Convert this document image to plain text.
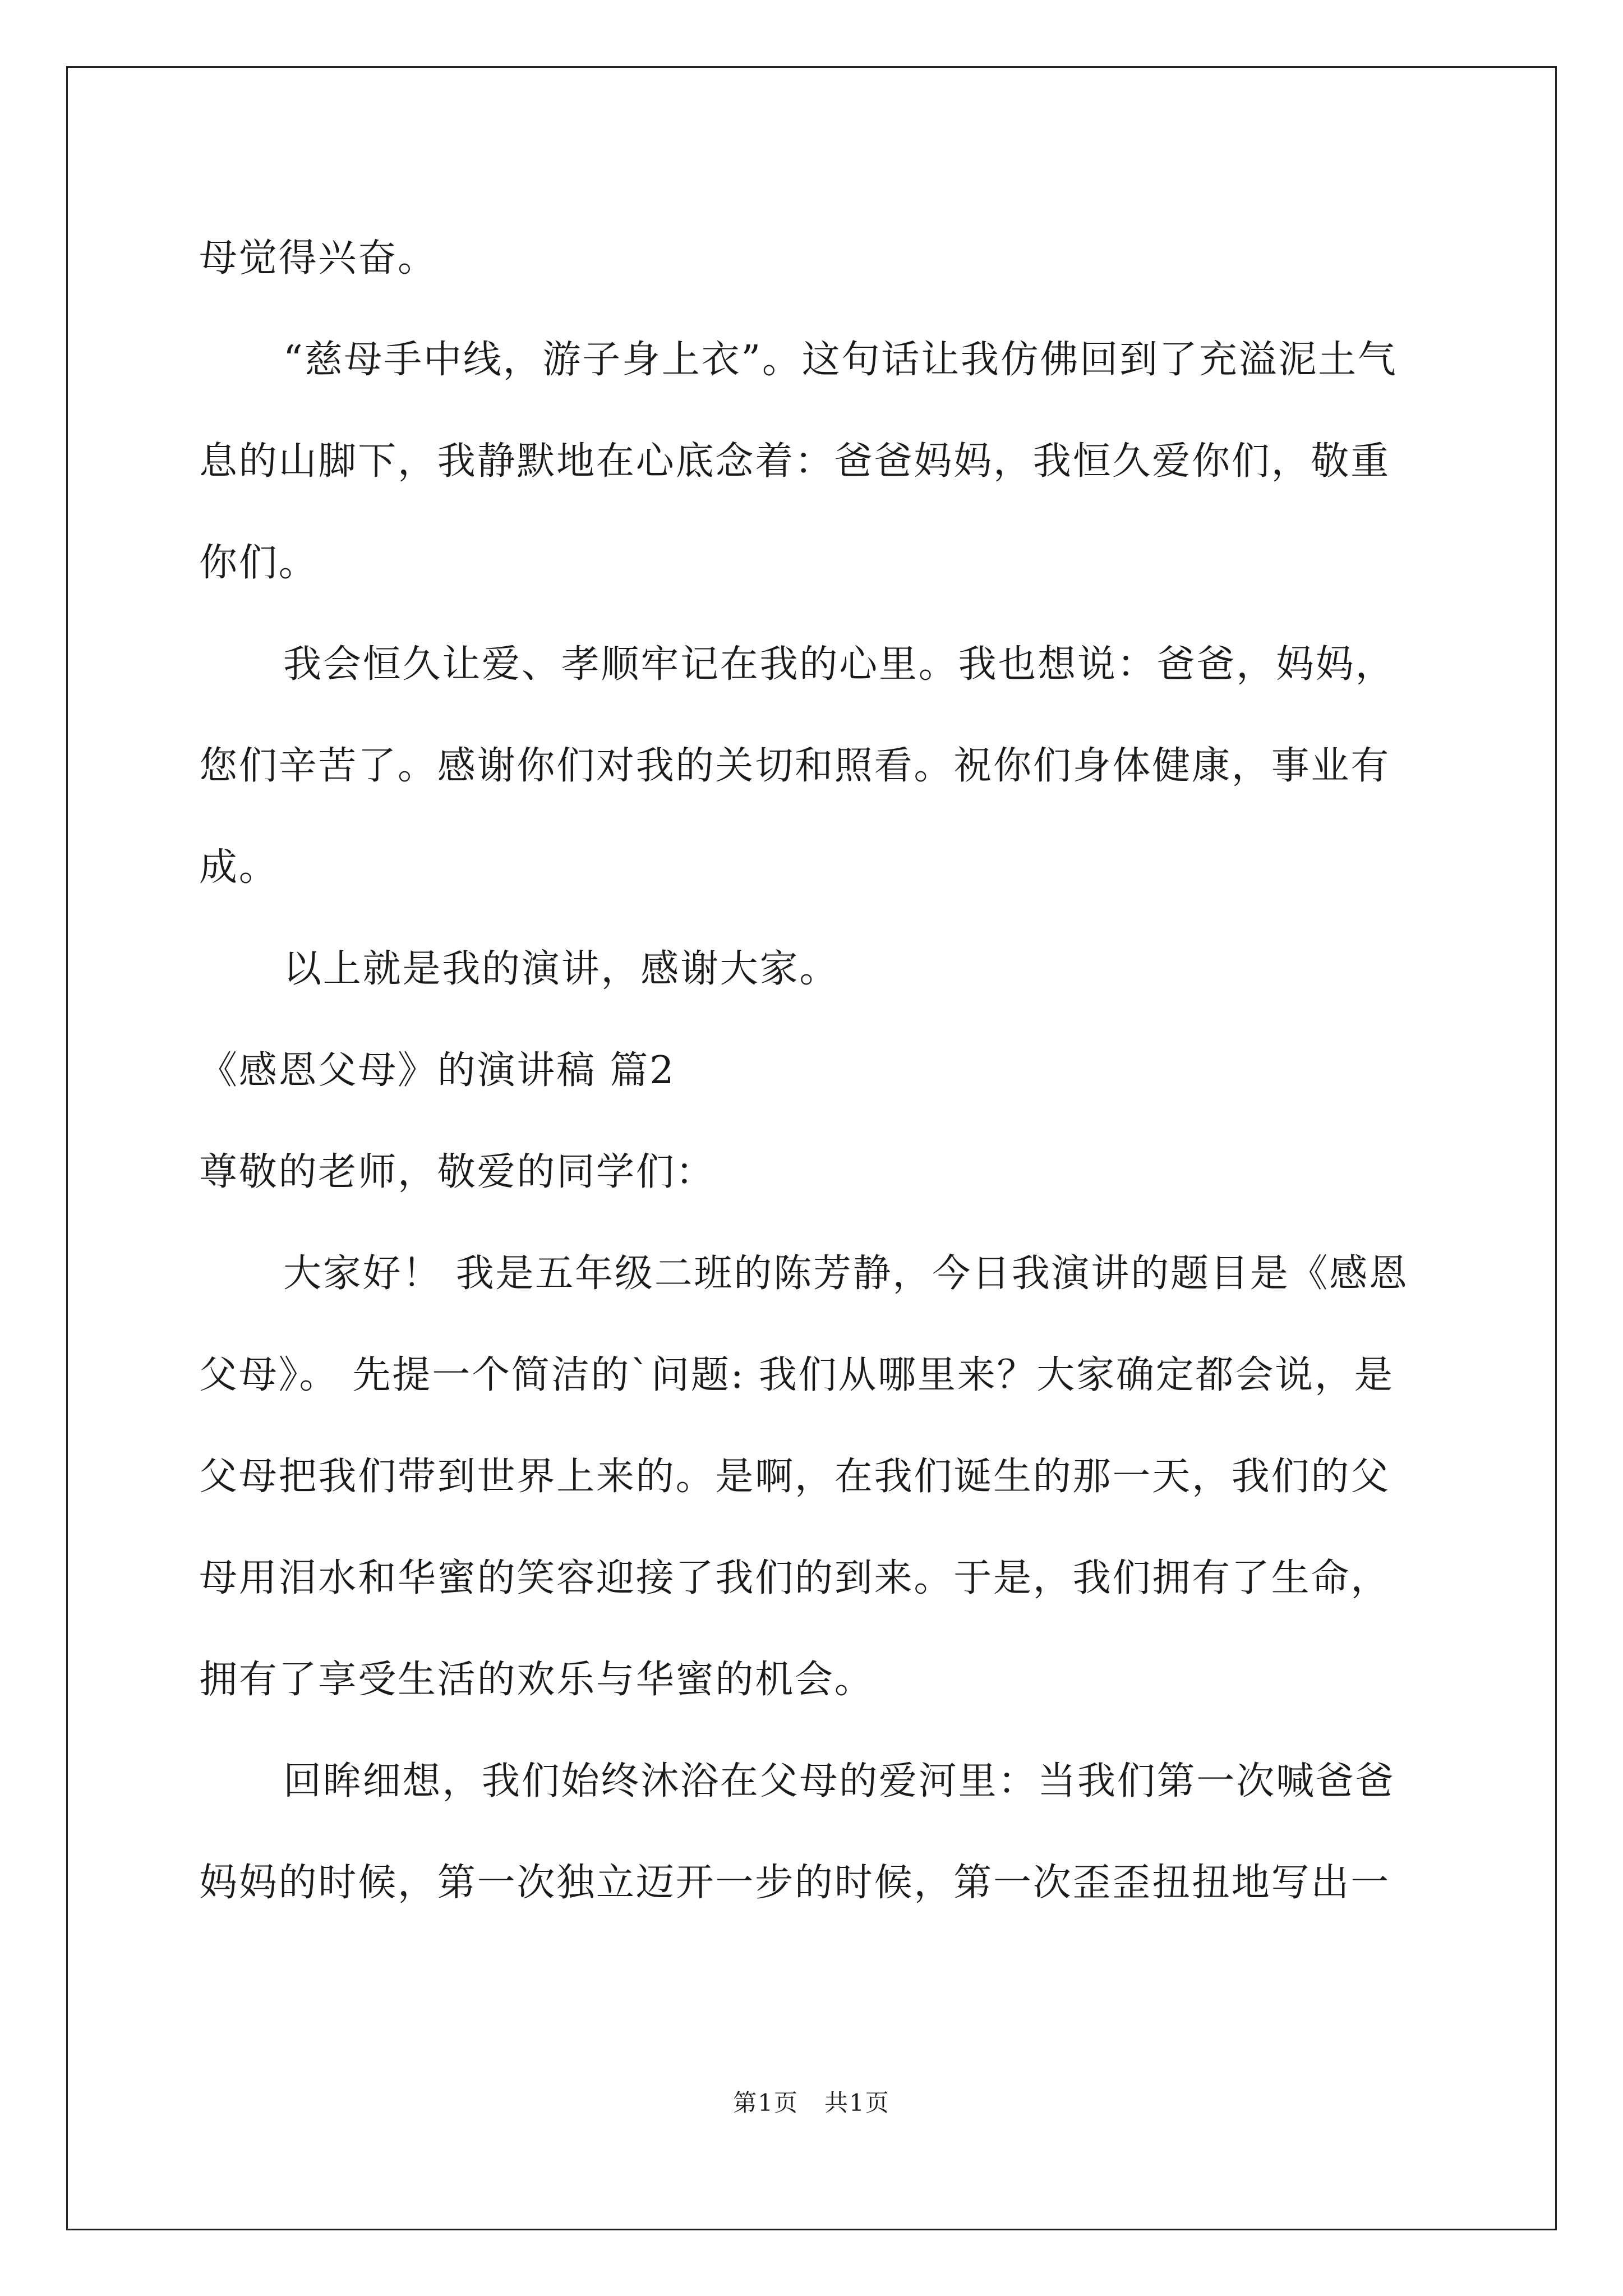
母觉得兴奋。

“慈母手中线，游子身上衣”。这句话让我仿佛回到了充溢泥土气息的山脚下，我静默地在心底念着：爸爸妈妈，我恒久爱你们，敬重你们。

我会恒久让爱、孝顺牢记在我的心里。我也想说：爸爸，妈妈，您们辛苦了。感谢你们对我的关切和照看。祝你们身体健康，事业有成。

以上就是我的演讲，感谢大家。

《感恩父母》的演讲稿 篇2

尊敬的老师，敬爱的同学们：

大家好！ 我是五年级二班的陈芳静，今日我演讲的题目是《感恩父母》。 先提一个简洁的`问题: 我们从哪里来？大家确定都会说，是父母把我们带到世界上来的。是啊，在我们诞生的那一天，我们的父母用泪水和华蜜的笑容迎接了我们的到来。于是，我们拥有了生命，拥有了享受生活的欢乐与华蜜的机会。

回眸细想，我们始终沐浴在父母的爱河里：当我们第一次喊爸爸妈妈的时候，第一次独立迈开一步的时候，第一次歪歪扭扭地写出一

第1页   共1页
